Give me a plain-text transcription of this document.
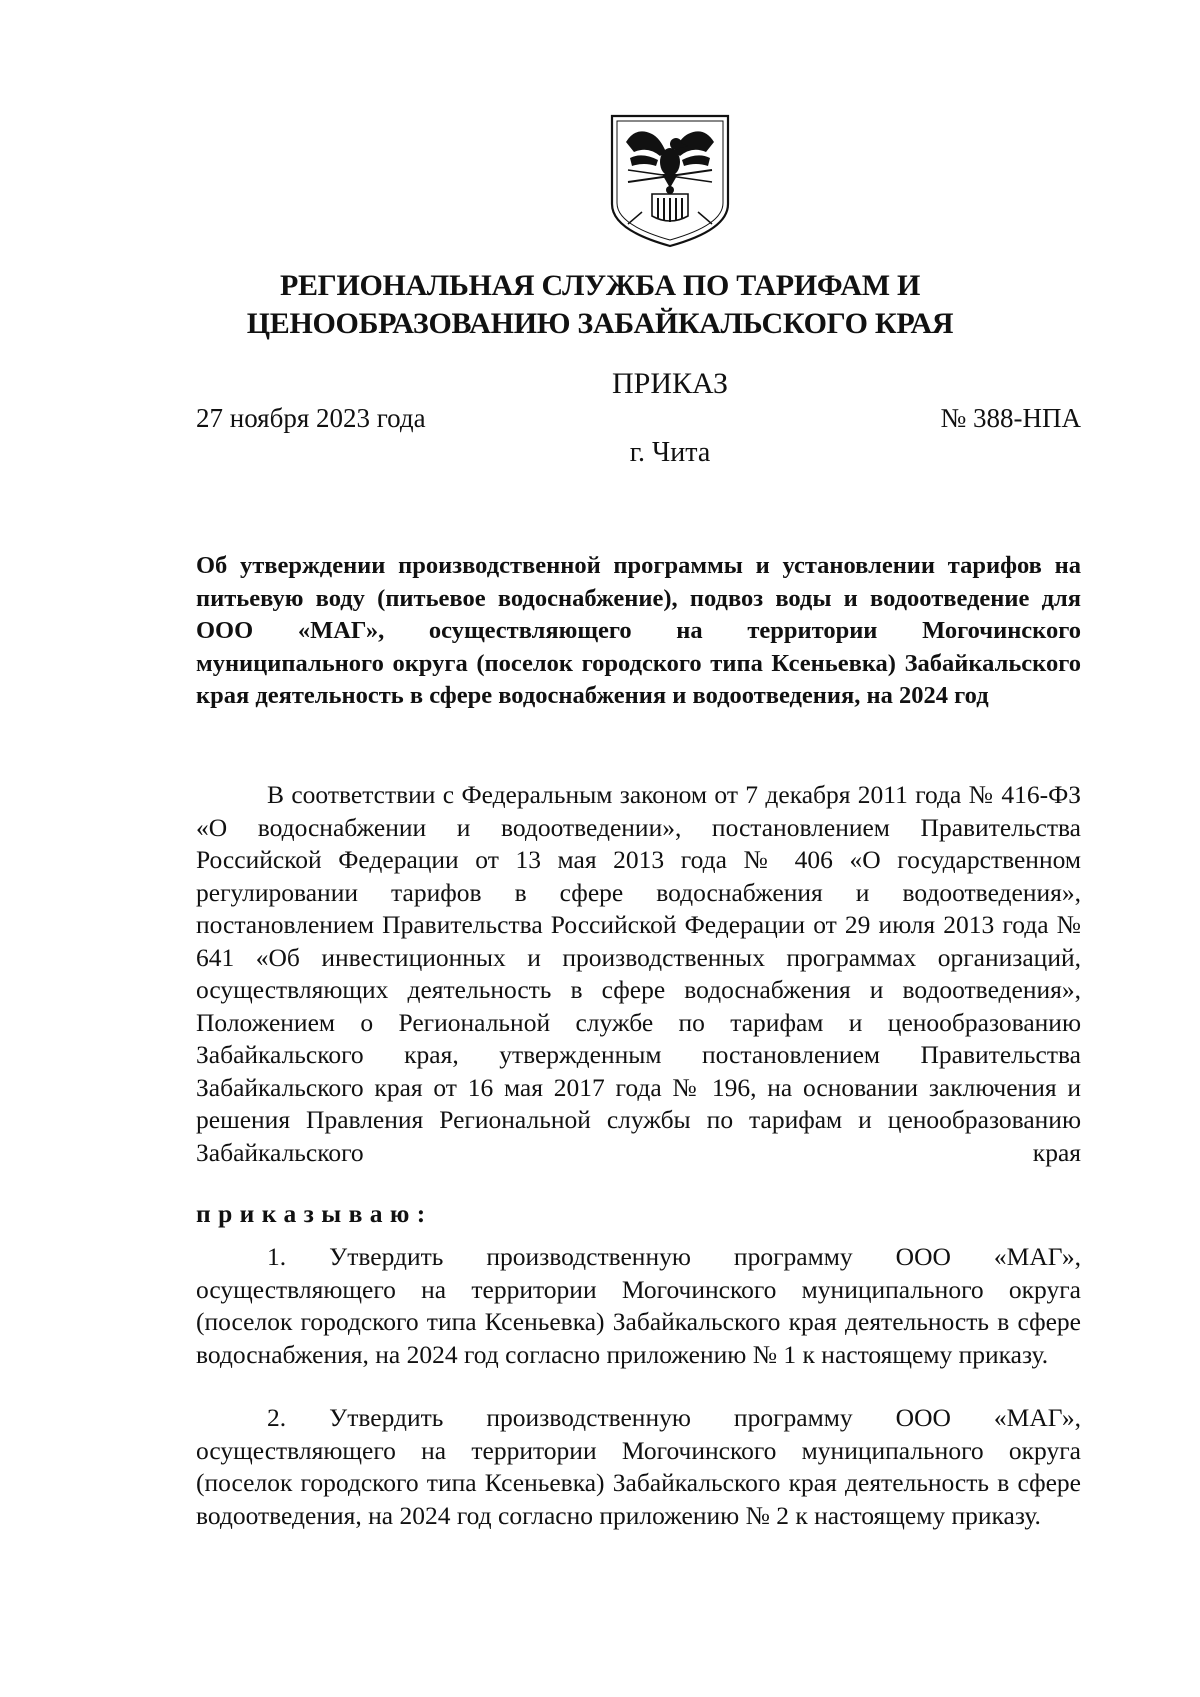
РЕГИОНАЛЬНАЯ СЛУЖБА ПО ТАРИФАМ И
ЦЕНООБРАЗОВАНИЮ ЗАБАЙКАЛЬСКОГО КРАЯ
ПРИКАЗ
27 ноября 2023 года	№ 388-НПА
г. Чита
Об утверждении производственной программы и установлении тарифов на питьевую воду (питьевое водоснабжение), подвоз воды и водоотведение для ООО «МАГ», осуществляющего на территории Могочинского муниципального округа (поселок городского типа Ксеньевка) Забайкальского края деятельность в сфере водоснабжения и водоотведения, на 2024 год

В соответствии с Федеральным законом от 7 декабря 2011 года № 416-ФЗ «О водоснабжении и водоотведении», постановлением Правительства Российской Федерации от 13 мая 2013 года № 406 «О государственном регулировании тарифов в сфере водоснабжения и водоотведения», постановлением Правительства Российской Федерации от 29 июля 2013 года № 641 «Об инвестиционных и производственных программах организаций, осуществляющих деятельность в сфере водоснабжения и водоотведения», Положением о Региональной службе по тарифам и ценообразованию Забайкальского края, утвержденным постановлением Правительства Забайкальского края от 16 мая 2017 года № 196, на основании заключения и решения Правления Региональной службы по тарифам и ценообразованию Забайкальского края

приказываю:

1. Утвердить производственную программу ООО «МАГ», осуществляющего на территории Могочинского муниципального округа (поселок городского типа Ксеньевка) Забайкальского края деятельность в сфере водоснабжения, на 2024 год согласно приложению № 1 к настоящему приказу.

2. Утвердить производственную программу ООО «МАГ», осуществляющего на территории Могочинского муниципального округа (поселок городского типа Ксеньевка) Забайкальского края деятельность в сфере водоотведения, на 2024 год согласно приложению № 2 к настоящему приказу.
